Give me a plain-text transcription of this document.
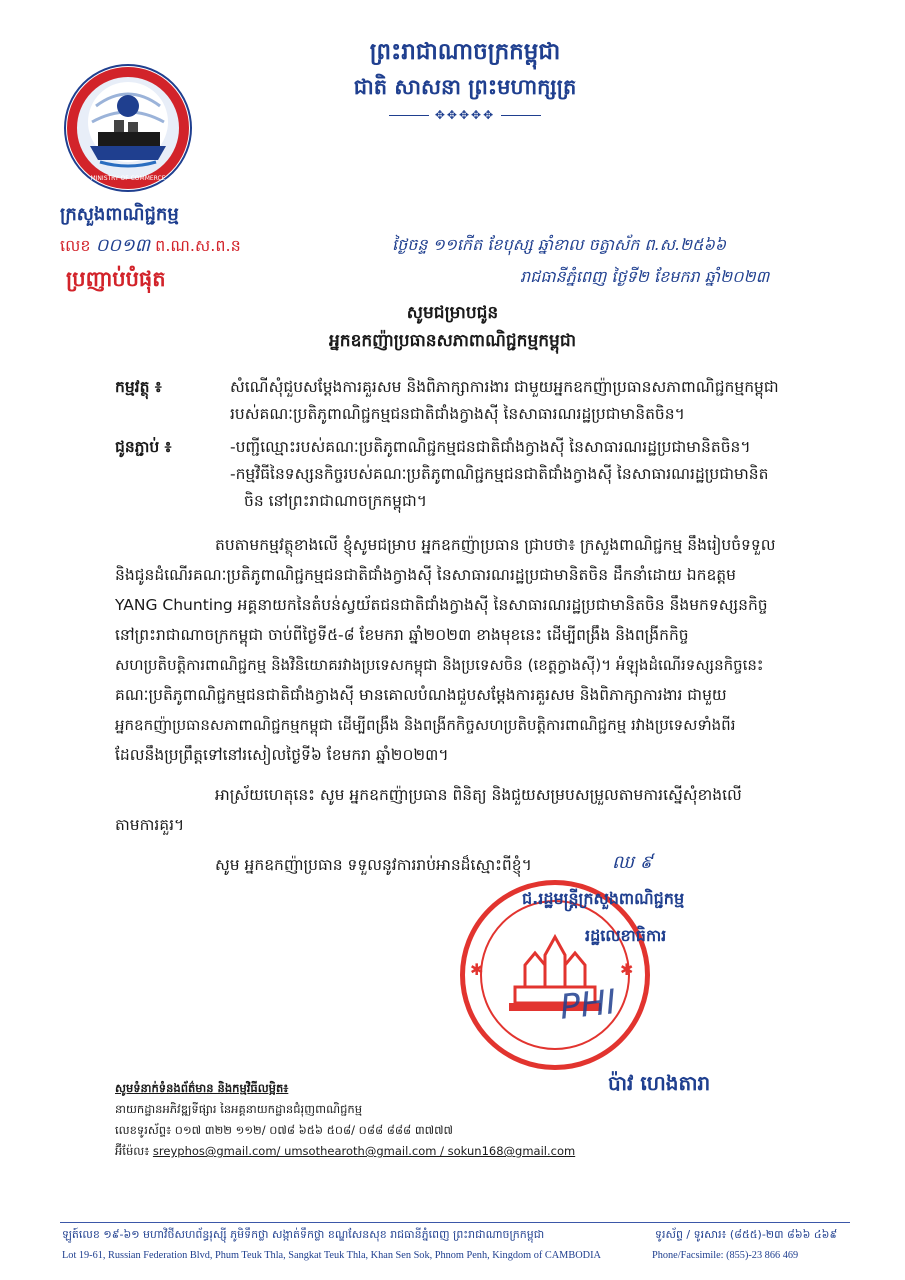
ព្រះរាជាណាចក្រកម្ពុជា
ជាតិ សាសនា ព្រះមហាក្សត្រ
✥✥✥✥✥
MINISTRY OF COMMERCE
ក្រសួងពាណិជ្ជកម្ម
លេខ ០០១៣ ព.ណ.ស.ព.ន
ប្រញាប់បំផុត
ថ្ងៃចន្ទ ១១កើត ខែបុស្ស ឆ្នាំខាល ចត្វាស័ក ព.ស.២៥៦៦
រាជធានីភ្នំពេញ ថ្ងៃទី២ ខែមករា ឆ្នាំ២០២៣
សូមជម្រាបជូន
អ្នកឧកញ៉ាប្រធានសភាពាណិជ្ជកម្មកម្ពុជា
កម្មវត្ថុ ៖	សំណើសុំជួបសម្តែងការគួរសម និងពិភាក្សាការងារ ជាមួយអ្នកឧកញ៉ាប្រធានសភាពាណិជ្ជកម្មកម្ពុជា
របស់គណៈប្រតិភូពាណិជ្ជកម្មជនជាតិជាំងក្វាងស៊ី នៃសាធារណរដ្ឋប្រជាមានិតចិន។
ជូនភ្ជាប់ ៖	-បញ្ជីឈ្មោះរបស់គណៈប្រតិភូពាណិជ្ជកម្មជនជាតិជាំងក្វាងស៊ី នៃសាធារណរដ្ឋប្រជាមានិតចិន។
-កម្មវិធីនៃទស្សនកិច្ចរបស់គណៈប្រតិភូពាណិជ្ជកម្មជនជាតិជាំងក្វាងស៊ី នៃសាធារណរដ្ឋប្រជាមានិត
ចិន នៅព្រះរាជាណាចក្រកម្ពុជា។
តបតាមកម្មវត្ថុខាងលើ ខ្ញុំសូមជម្រាប អ្នកឧកញ៉ាប្រធាន ជ្រាបថា៖ ក្រសួងពាណិជ្ជកម្ម នឹងរៀបចំទទួល
និងជូនដំណើរគណៈប្រតិភូពាណិជ្ជកម្មជនជាតិជាំងក្វាងស៊ី នៃសាធារណរដ្ឋប្រជាមានិតចិន ដឹកនាំដោយ ឯកឧត្តម
YANG Chunting អគ្គនាយកនៃតំបន់ស្វយ័តជនជាតិជាំងក្វាងស៊ី នៃសាធារណរដ្ឋប្រជាមានិតចិន នឹងមកទស្សនកិច្ច
នៅព្រះរាជាណាចក្រកម្ពុជា ចាប់ពីថ្ងៃទី៥-៨ ខែមករា ឆ្នាំ២០២៣ ខាងមុខនេះ ដើម្បីពង្រឹង និងពង្រីកកិច្ច
សហប្រតិបត្តិការពាណិជ្ជកម្ម និងវិនិយោគរវាងប្រទេសកម្ពុជា និងប្រទេសចិន (ខេត្តក្វាងស៊ី)។ អំឡុងដំណើរទស្សនកិច្ចនេះ
គណៈប្រតិភូពាណិជ្ជកម្មជនជាតិជាំងក្វាងស៊ី មានគោលបំណងជួបសម្តែងការគួរសម និងពិភាក្សាការងារ ជាមួយ
អ្នកឧកញ៉ាប្រធានសភាពាណិជ្ជកម្មកម្ពុជា ដើម្បីពង្រឹង និងពង្រីកកិច្ចសហប្រតិបត្តិការពាណិជ្ជកម្ម រវាងប្រទេសទាំងពីរ
ដែលនឹងប្រព្រឹត្តទៅនៅរសៀលថ្ងៃទី៦ ខែមករា ឆ្នាំ២០២៣។
អាស្រ័យហេតុនេះ សូម អ្នកឧកញ៉ាប្រធាន ពិនិត្យ និងជួយសម្របសម្រួលតាមការស្នើសុំខាងលើ
តាមការគួរ។
សូម អ្នកឧកញ៉ាប្រធាន ទទួលនូវការរាប់អានដ៏ស្មោះពីខ្ញុំ។	ឈ ៩
✱	✱
ជ.រដ្ឋមន្ត្រីក្រសួងពាណិជ្ជកម្ម
រដ្ឋលេខាធិការ
PHI
ប៉ាវ ហេងតារា
សូមទំនាក់ទំនងព័ត៌មាន និងកម្មវិធីលម្អិត៖
នាយកដ្ឋានអភិវឌ្ឍទីផ្សារ នៃអគ្គនាយកដ្ឋានជំរុញពាណិជ្ជកម្ម
លេខទូរស័ព្ទ៖ ០១៧ ៣២២ ១១២/ ០៧៨ ៦៥៦ ៥០៨/ ០៨៨ ៨៨៨ ៣៧៧៧
អ៊ីម៉ែល៖ sreyphos@gmail.com/ umsothearoth@gmail.com / sokun168@gmail.com
ឡូត៍លេខ ១៩-៦១ មហាវិថីសហព័ន្ធរុស្ស៊ី ភូមិទឹកថ្លា សង្កាត់ទឹកថ្លា ខណ្ឌសែនសុខ រាជធានីភ្នំពេញ ព្រះរាជាណាចក្រកម្ពុជា	ទូរស័ព្ទ / ទូរសារ៖ (៨៥៥)-២៣ ៨៦៦ ៤៦៩
Lot 19-61, Russian Federation Blvd, Phum Teuk Thla, Sangkat Teuk Thla, Khan Sen Sok, Phnom Penh, Kingdom of CAMBODIA	Phone/Facsimile: (855)-23 866 469
